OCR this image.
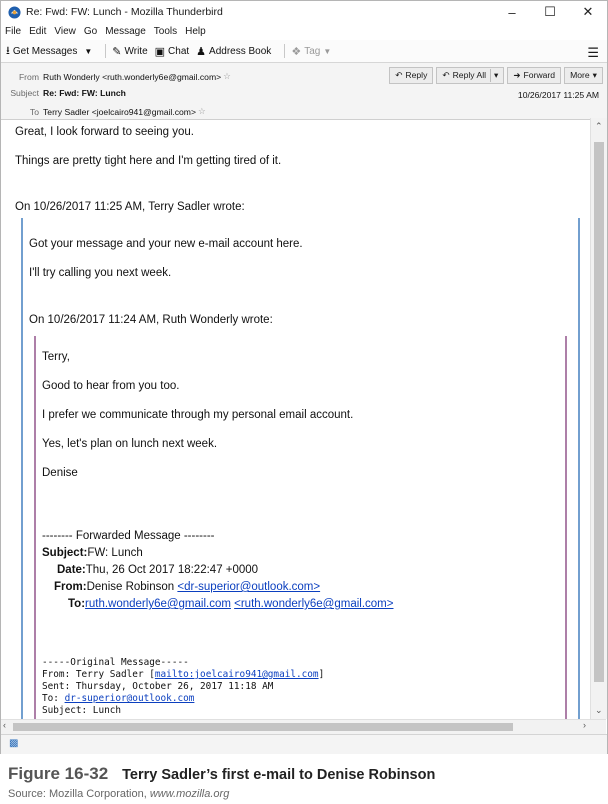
Re: Fwd: FW: Lunch - Mozilla Thunderbird	–	☐	✕
File Edit View Go Message Tools Help
⭳ Get Messages ▼ ✎ Write ▣ Chat ♟ Address Book ❖ Tag ▼	☰
From Ruth Wonderly <ruth.wonderly6e@gmail.com> ☆
Subject Re: Fwd: FW: Lunch
To Terry Sadler <joelcairo941@gmail.com> ☆
↶ Reply ↶ Reply All ▾ ➜ Forward More ▾
10/26/2017 11:25 AM

Great, I look forward to seeing you.

Things are pretty tight here and I'm getting tired of it.

On 10/26/2017 11:25 AM, Terry Sadler wrote:

Got your message and your new e-mail account here.

I'll try calling you next week.

On 10/26/2017 11:24 AM, Ruth Wonderly wrote:

Terry,

Good to hear from you too.

I prefer we communicate through my personal email account.

Yes, let's plan on lunch next week.

Denise

-------- Forwarded Message --------

Subject:FW: Lunch

Date:Thu, 26 Oct 2017 18:22:47 +0000

From:Denise Robinson <dr-superior@outlook.com>

To:ruth.wonderly6e@gmail.com <ruth.wonderly6e@gmail.com>

-----Original Message-----

From: Terry Sadler [mailto:joelcairo941@gmail.com]

Sent: Thursday, October 26, 2017 11:18 AM

To: dr-superior@outlook.com

Subject: Lunch

⌃
⌄
‹	›
▩
Figure 16-32 Terry Sadler’s first e-mail to Denise Robinson
Source: Mozilla Corporation, www.mozilla.org
